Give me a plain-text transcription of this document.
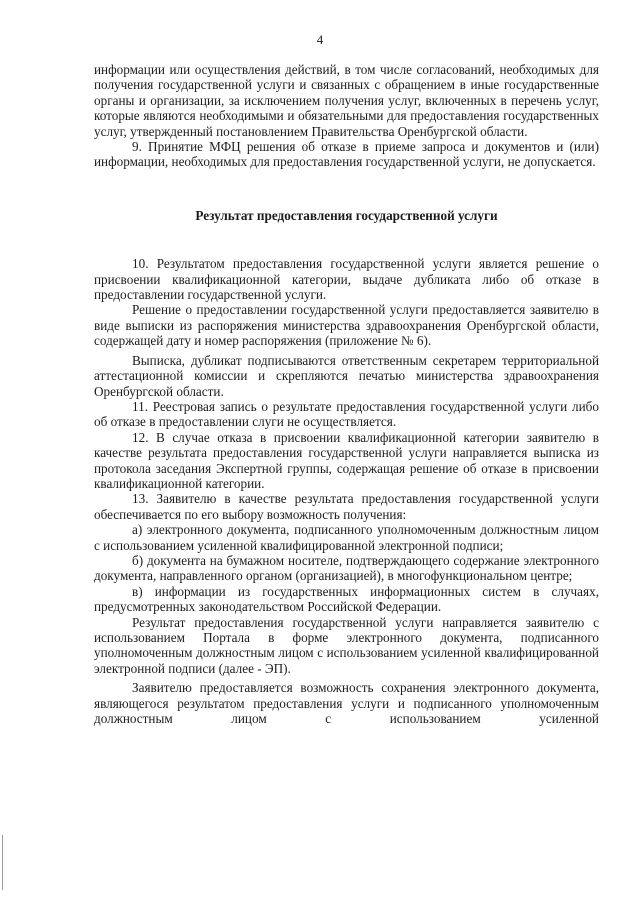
4

информации или осуществления действий, в том числе согласований, необходимых для получения государственной услуги и связанных с обращением в иные государственные органы и организации, за исключением получения услуг, включенных в перечень услуг, которые являются необходимыми и обязательными для предоставления государственных услуг, утвержденный постановлением Правительства Оренбургской области.

9. Принятие МФЦ решения об отказе в приеме запроса и документов и (или) информации, необходимых для предоставления государственной услуги, не допускается.

Результат предоставления государственной услуги

10. Результатом предоставления государственной услуги является решение о присвоении квалификационной категории, выдаче дубликата либо об отказе в предоставлении государственной услуги.

Решение о предоставлении государственной услуги предоставляется заявителю в виде выписки из распоряжения министерства здравоохранения Оренбургской области, содержащей дату и номер распоряжения (приложение № 6).

Выписка, дубликат подписываются ответственным секретарем территориальной аттестационной комиссии и скрепляются печатью министерства здравоохранения Оренбургской области.

11. Реестровая запись о результате предоставления государственной услуги либо об отказе в предоставлении слуги не осуществляется.

12. В случае отказа в присвоении квалификационной категории заявителю в качестве результата предоставления государственной услуги направляется выписка из протокола заседания Экспертной группы, содержащая решение об отказе в присвоении квалификационной категории.

13. Заявителю в качестве результата предоставления государственной услуги обеспечивается по его выбору возможность получения:

а) электронного документа, подписанного уполномоченным должностным лицом с использованием усиленной квалифицированной электронной подписи;

б) документа на бумажном носителе, подтверждающего содержание электронного документа, направленного органом (организацией), в многофункциональном центре;

в) информации из государственных информационных систем в случаях, предусмотренных законодательством Российской Федерации.

Результат предоставления государственной услуги направляется заявителю с использованием Портала в форме электронного документа, подписанного уполномоченным должностным лицом с использованием усиленной квалифицированной электронной подписи (далее - ЭП).

Заявителю предоставляется возможность сохранения электронного документа, являющегося результатом предоставления услуги и подписанного уполномоченным должностным лицом с использованием усиленной
